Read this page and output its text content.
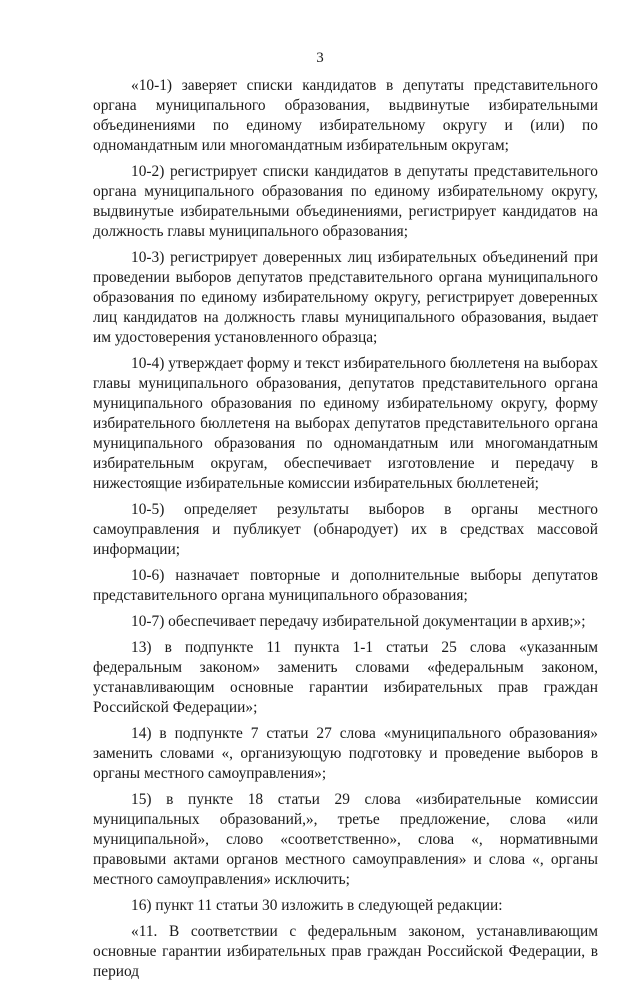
3

«10-1) заверяет списки кандидатов в депутаты представительного органа муниципального образования, выдвинутые избирательными объединениями по единому избирательному округу и (или) по одномандатным или многомандатным избирательным округам;

10-2) регистрирует списки кандидатов в депутаты представительного органа муниципального образования по единому избирательному округу, выдвинутые избирательными объединениями, регистрирует кандидатов на должность главы муниципального образования;

10-3) регистрирует доверенных лиц избирательных объединений при проведении выборов депутатов представительного органа муниципального образования по единому избирательному округу, регистрирует доверенных лиц кандидатов на должность главы муниципального образования, выдает им удостоверения установленного образца;

10-4) утверждает форму и текст избирательного бюллетеня на выборах главы муниципального образования, депутатов представительного органа муниципального образования по единому избирательному округу, форму избирательного бюллетеня на выборах депутатов представительного органа муниципального образования по одномандатным или многомандатным избирательным округам, обеспечивает изготовление и передачу в нижестоящие избирательные комиссии избирательных бюллетеней;

10-5) определяет результаты выборов в органы местного самоуправления и публикует (обнародует) их в средствах массовой информации;

10-6) назначает повторные и дополнительные выборы депутатов представительного органа муниципального образования;

10-7) обеспечивает передачу избирательной документации в архив;»;

13) в подпункте 11 пункта 1-1 статьи 25 слова «указанным федеральным законом» заменить словами «федеральным законом, устанавливающим основные гарантии избирательных прав граждан Российской Федерации»;

14) в подпункте 7 статьи 27 слова «муниципального образования» заменить словами «, организующую подготовку и проведение выборов в органы местного самоуправления»;

15) в пункте 18 статьи 29 слова «избирательные комиссии муниципальных образований,», третье предложение, слова «или муниципальной», слово «соответственно», слова «, нормативными правовыми актами органов местного самоуправления» и слова «, органы местного самоуправления» исключить;

16) пункт 11 статьи 30 изложить в следующей редакции:

«11. В соответствии с федеральным законом, устанавливающим основные гарантии избирательных прав граждан Российской Федерации, в период
